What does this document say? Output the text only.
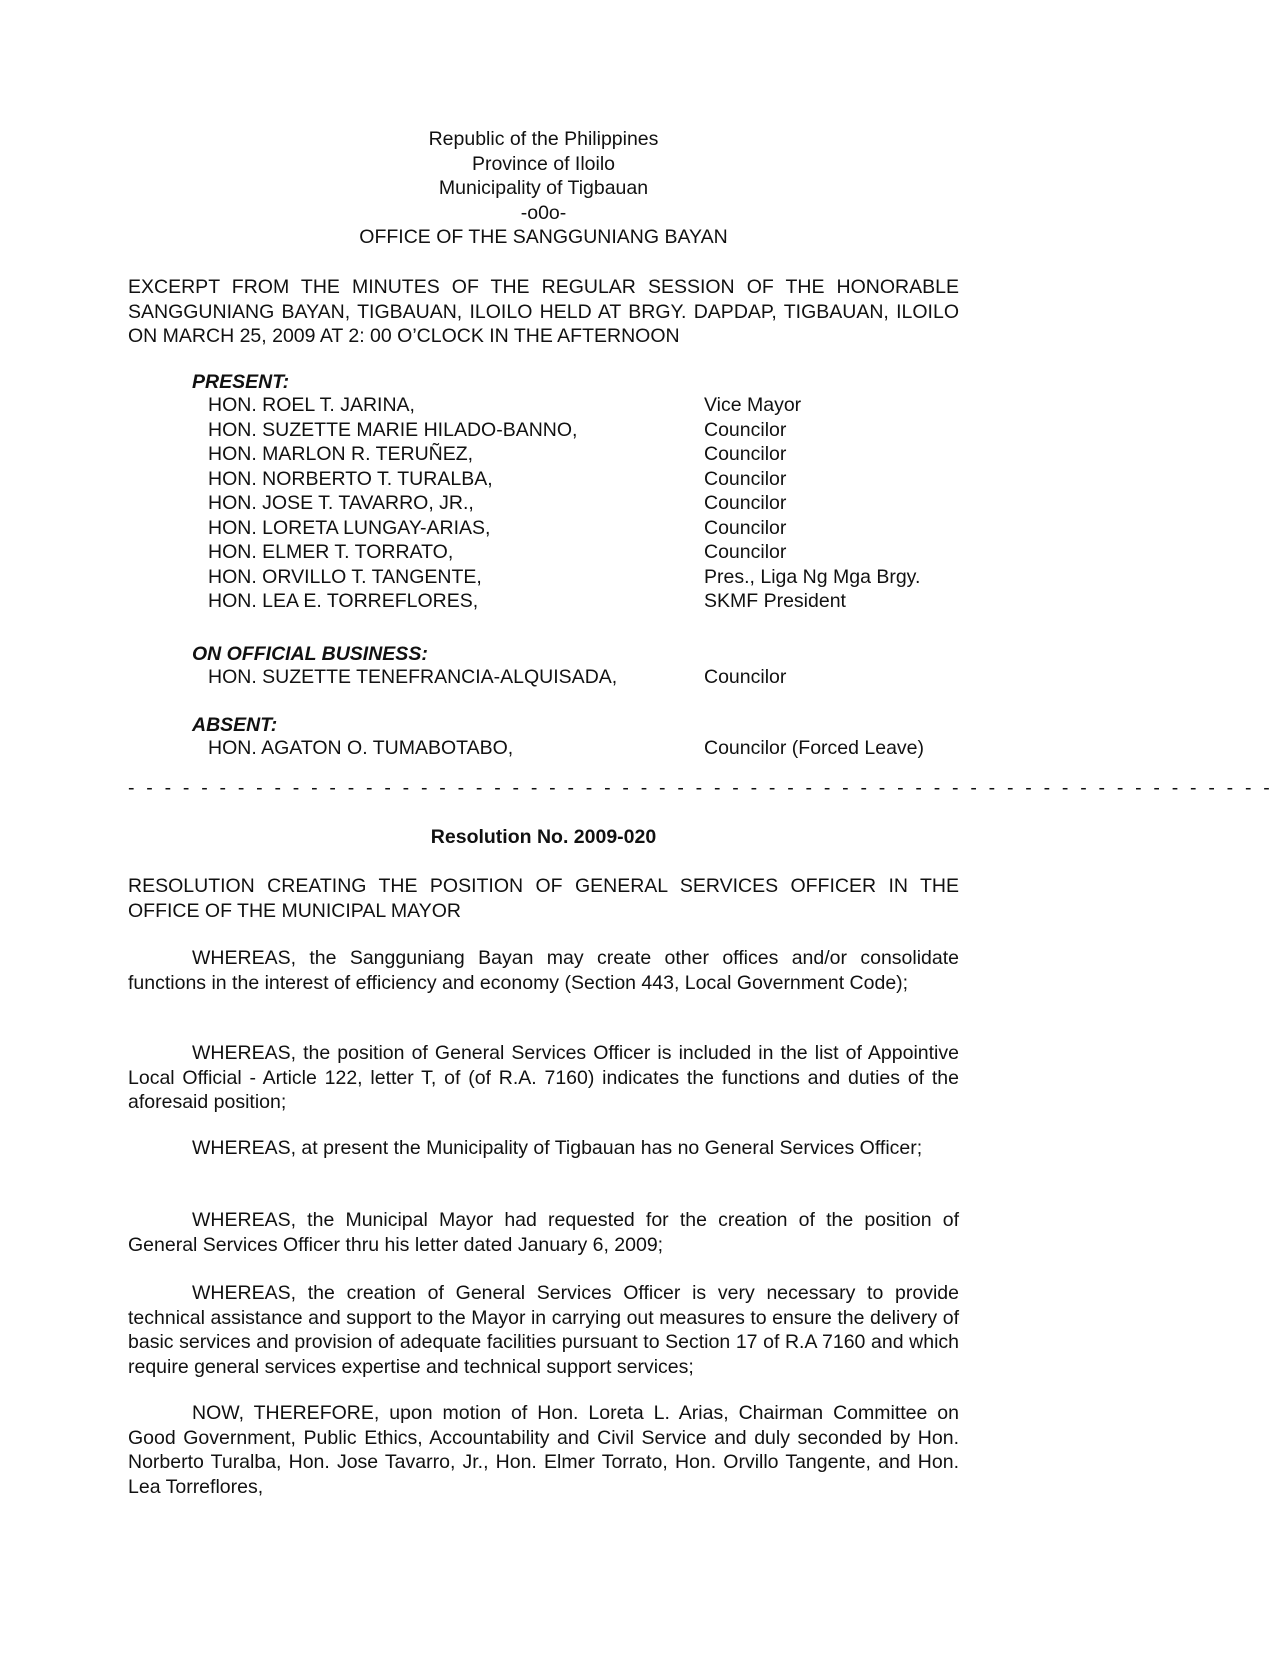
Republic of the Philippines
Province of Iloilo
Municipality of Tigbauan
-o0o-
OFFICE OF THE SANGGUNIANG BAYAN
EXCERPT FROM THE MINUTES OF THE REGULAR SESSION OF THE HONORABLE SANGGUNIANG BAYAN, TIGBAUAN, ILOILO HELD AT BRGY. DAPDAP, TIGBAUAN, ILOILO ON MARCH 25, 2009 AT 2: 00 O’CLOCK IN THE AFTERNOON
PRESENT:
HON. ROEL T. JARINA,	Vice Mayor
HON. SUZETTE MARIE HILADO-BANNO,	Councilor
HON. MARLON R. TERUÑEZ,	Councilor
HON. NORBERTO T. TURALBA,	Councilor
HON. JOSE T. TAVARRO, JR.,	Councilor
HON. LORETA LUNGAY-ARIAS,	Councilor
HON. ELMER T. TORRATO,	Councilor
HON. ORVILLO T. TANGENTE,	Pres., Liga Ng Mga Brgy.
HON. LEA E. TORREFLORES,	SKMF President
ON OFFICIAL BUSINESS:
HON. SUZETTE TENEFRANCIA-ALQUISADA,	Councilor
ABSENT:
HON. AGATON O. TUMABOTABO,	Councilor (Forced Leave)
- - - - - - - - - - - - - - - - - - - - - - - - - - - - - - - - - - - - - - - - - - - - - - - - - - - - - - - - - - - - - - -
Resolution No. 2009-020
RESOLUTION CREATING THE POSITION OF GENERAL SERVICES OFFICER IN THE OFFICE OF THE MUNICIPAL MAYOR
WHEREAS, the Sangguniang Bayan may create other offices and/or consolidate functions in the interest of efficiency and economy (Section 443, Local Government Code);
WHEREAS, the position of General Services Officer is included in the list of Appointive Local Official - Article 122, letter T, of (of R.A. 7160) indicates the functions and duties of the aforesaid position;
WHEREAS, at present the Municipality of Tigbauan has no General Services Officer;
WHEREAS, the Municipal Mayor had requested for the creation of the position of General Services Officer thru his letter dated January 6, 2009;
WHEREAS, the creation of General Services Officer is very necessary to provide technical assistance and support to the Mayor in carrying out measures to ensure the delivery of basic services and provision of adequate facilities pursuant to Section 17 of R.A 7160 and which require general services expertise and technical support services;
NOW, THEREFORE, upon motion of Hon. Loreta L. Arias, Chairman Committee on Good Government, Public Ethics, Accountability and Civil Service and duly seconded by Hon. Norberto Turalba, Hon. Jose Tavarro, Jr., Hon. Elmer Torrato, Hon. Orvillo Tangente, and Hon. Lea Torreflores,
